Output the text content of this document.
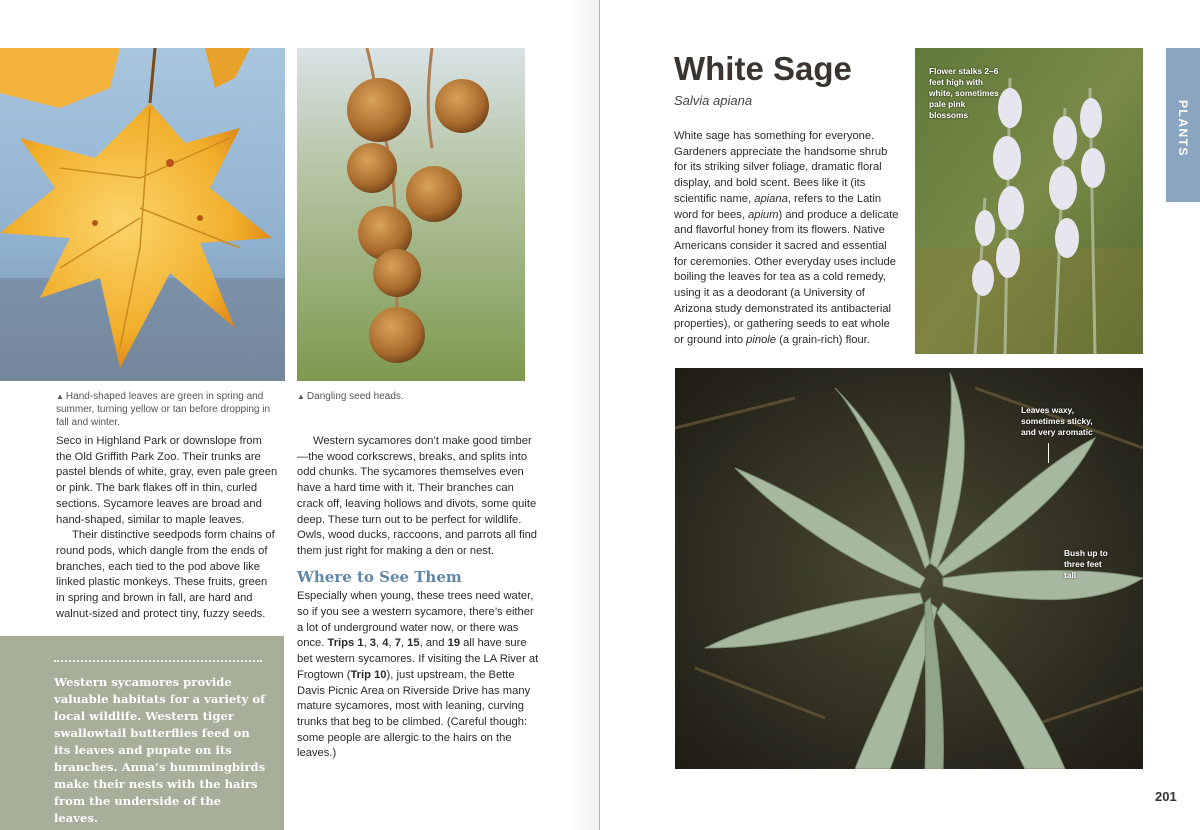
▲ Hand-shaped leaves are green in spring and summer, turning yellow or tan before dropping in fall and winter.
▲ Dangling seed heads.

Seco in Highland Park or downslope from the Old Griffith Park Zoo. Their trunks are pastel blends of white, gray, even pale green or pink. The bark flakes off in thin, curled sections. Sycamore leaves are broad and hand-shaped, similar to maple leaves.

Their distinctive seedpods form chains of round pods, which dangle from the ends of branches, each tied to the pod above like linked plastic monkeys. These fruits, green in spring and brown in fall, are hard and walnut-sized and protect tiny, fuzzy seeds.

Western sycamores don’t make good timber—the wood corkscrews, breaks, and splits into odd chunks. The sycamores themselves even have a hard time with it. Their branches can crack off, leaving hollows and divots, some quite deep. These turn out to be perfect for wildlife. Owls, wood ducks, raccoons, and parrots all find them just right for making a den or nest.

Where to See Them

Especially when young, these trees need water, so if you see a western sycamore, there’s either a lot of underground water now, or there was once. Trips 1, 3, 4, 7, 15, and 19 all have sure bet western sycamores. If visiting the LA River at Frogtown (Trip 10), just upstream, the Bette Davis Picnic Area on Riverside Drive has many mature sycamores, most with leaning, curving trunks that beg to be climbed. (Careful though: some people are allergic to the hairs on the leaves.)

Western sycamores provide valuable habitats for a variety of local wildlife. Western tiger swallowtail butterflies feed on its leaves and pupate on its branches. Anna’s hummingbirds make their nests with the hairs from the underside of the leaves.
White Sage
Salvia apiana

White sage has something for everyone. Gardeners appreciate the handsome shrub for its striking silver foliage, dramatic floral display, and bold scent. Bees like it (its scientific name, apiana, refers to the Latin word for bees, apium) and produce a delicate and flavorful honey from its flowers. Native Americans consider it sacred and essential for ceremonies. Other everyday uses include boiling the leaves for tea as a cold remedy, using it as a deodorant (a University of Arizona study demonstrated its antibacterial properties), or gathering seeds to eat whole or ground into pinole (a grain-rich) flour.

Flower stalks 2–6 feet high with white, sometimes pale pink blossoms	PLANTS
Leaves waxy, sometimes sticky, and very aromatic
Bush up to three feet tall
201
